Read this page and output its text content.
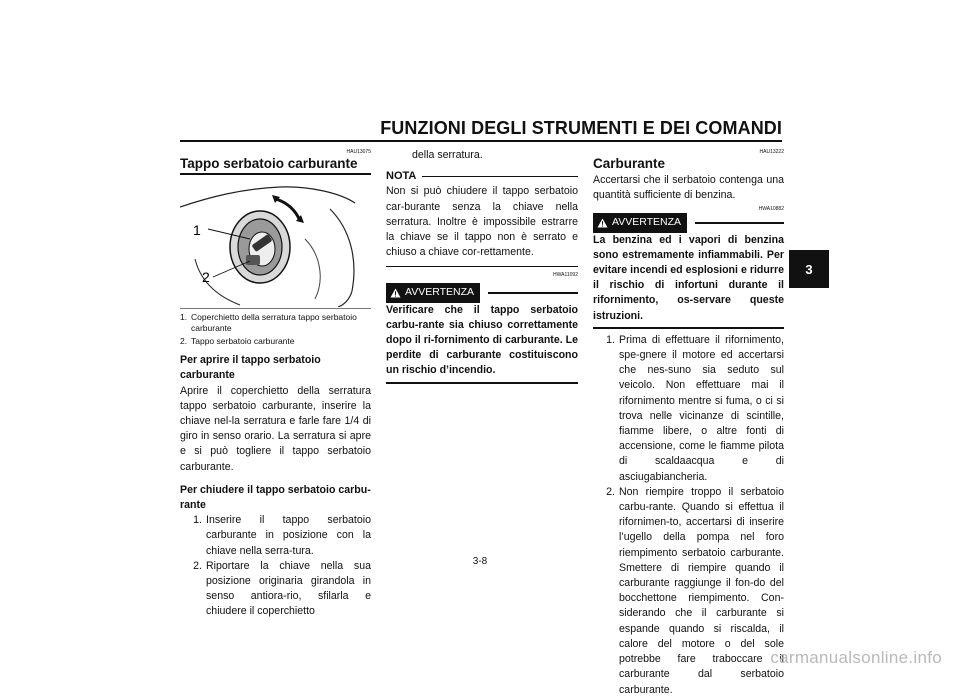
FUNZIONI DEGLI STRUMENTI E DEI COMANDI
3
HAU13075
Tappo serbatoio carburante
1
2
1. Coperchietto della serratura tappo serbatoio carburante
2. Tappo serbatoio carburante
Per aprire il tappo serbatoio carburante

Aprire il coperchietto della serratura tappo serbatoio carburante, inserire la chiave nel-la serratura e farle fare 1/4 di giro in senso orario. La serratura si apre e si può togliere il tappo serbatoio carburante.

Per chiudere il tappo serbatoio carbu-rante
1. Inserire il tappo serbatoio carburante in posizione con la chiave nella serra-tura.
2. Riportare la chiave nella sua posizione originaria girandola in senso antiora-rio, sfilarla e chiudere il coperchietto
della serratura.
NOTA

Non si può chiudere il tappo serbatoio car-burante senza la chiave nella serratura. Inoltre è impossibile estrarre la chiave se il tappo non è serrato e chiuso a chiave cor-rettamente.

HWA11092
AVVERTENZA
Verificare che il tappo serbatoio carbu-rante sia chiuso correttamente dopo il ri-fornimento di carburante. Le perdite di carburante costituiscono un rischio d’incendio.
HAU13222
Carburante

Accertarsi che il serbatoio contenga una quantità sufficiente di benzina.

HWA10882
AVVERTENZA
La benzina ed i vapori di benzina sono estremamente infiammabili. Per evitare incendi ed esplosioni e ridurre il rischio di infortuni durante il rifornimento, os-servare queste istruzioni.
1. Prima di effettuare il rifornimento, spe-gnere il motore ed accertarsi che nes-suno sia seduto sul veicolo. Non effettuare mai il rifornimento mentre si fuma, o ci si trova nelle vicinanze di scintille, fiamme libere, o altre fonti di accensione, come le fiamme pilota di scaldaacqua e di asciugabiancheria.
2. Non riempire troppo il serbatoio carbu-rante. Quando si effettua il rifornimen-to, accertarsi di inserire l’ugello della pompa nel foro riempimento serbatoio carburante. Smettere di riempire quando il carburante raggiunge il fon-do del bocchettone riempimento. Con-siderando che il carburante si espande quando si riscalda, il calore del motore o del sole potrebbe fare traboccare il carburante dal serbatoio carburante.
3-8
carmanualsonline.info
